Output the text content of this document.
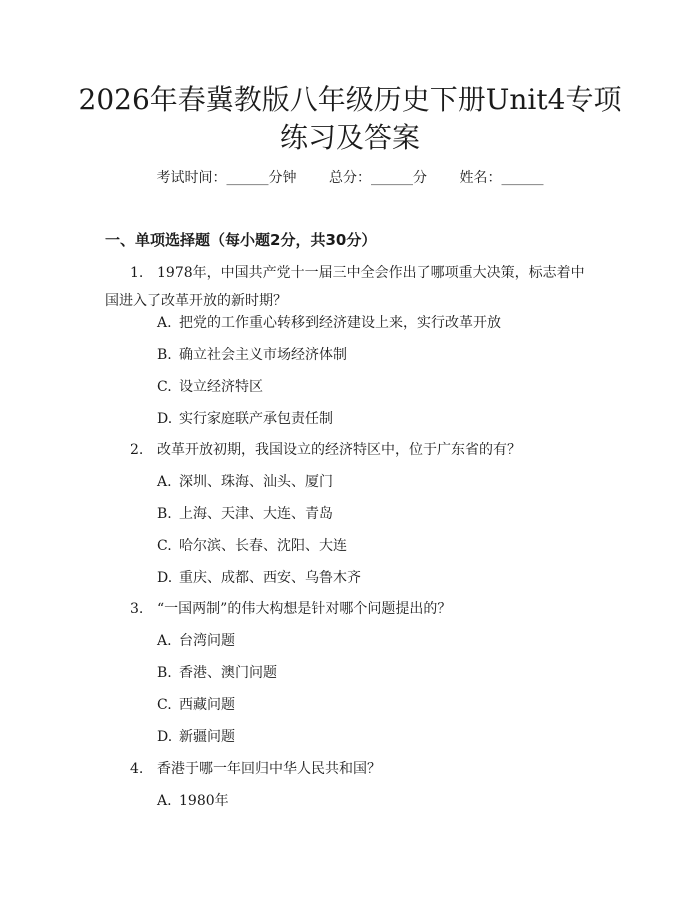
2026年春冀教版八年级历史下册Unit4专项
练习及答案
考试时间：______分钟 总分：______分 姓名：______
一、单项选择题（每小题2分，共30分）
1. 1978年，中国共产党十一届三中全会作出了哪项重大决策，标志着中国进入了改革开放的新时期？
A. 把党的工作重心转移到经济建设上来，实行改革开放
B. 确立社会主义市场经济体制
C. 设立经济特区
D. 实行家庭联产承包责任制
2. 改革开放初期，我国设立的经济特区中，位于广东省的有？
A. 深圳、珠海、汕头、厦门
B. 上海、天津、大连、青岛
C. 哈尔滨、长春、沈阳、大连
D. 重庆、成都、西安、乌鲁木齐
3. “一国两制”的伟大构想是针对哪个问题提出的？
A. 台湾问题
B. 香港、澳门问题
C. 西藏问题
D. 新疆问题
4. 香港于哪一年回归中华人民共和国？
A. 1980年
